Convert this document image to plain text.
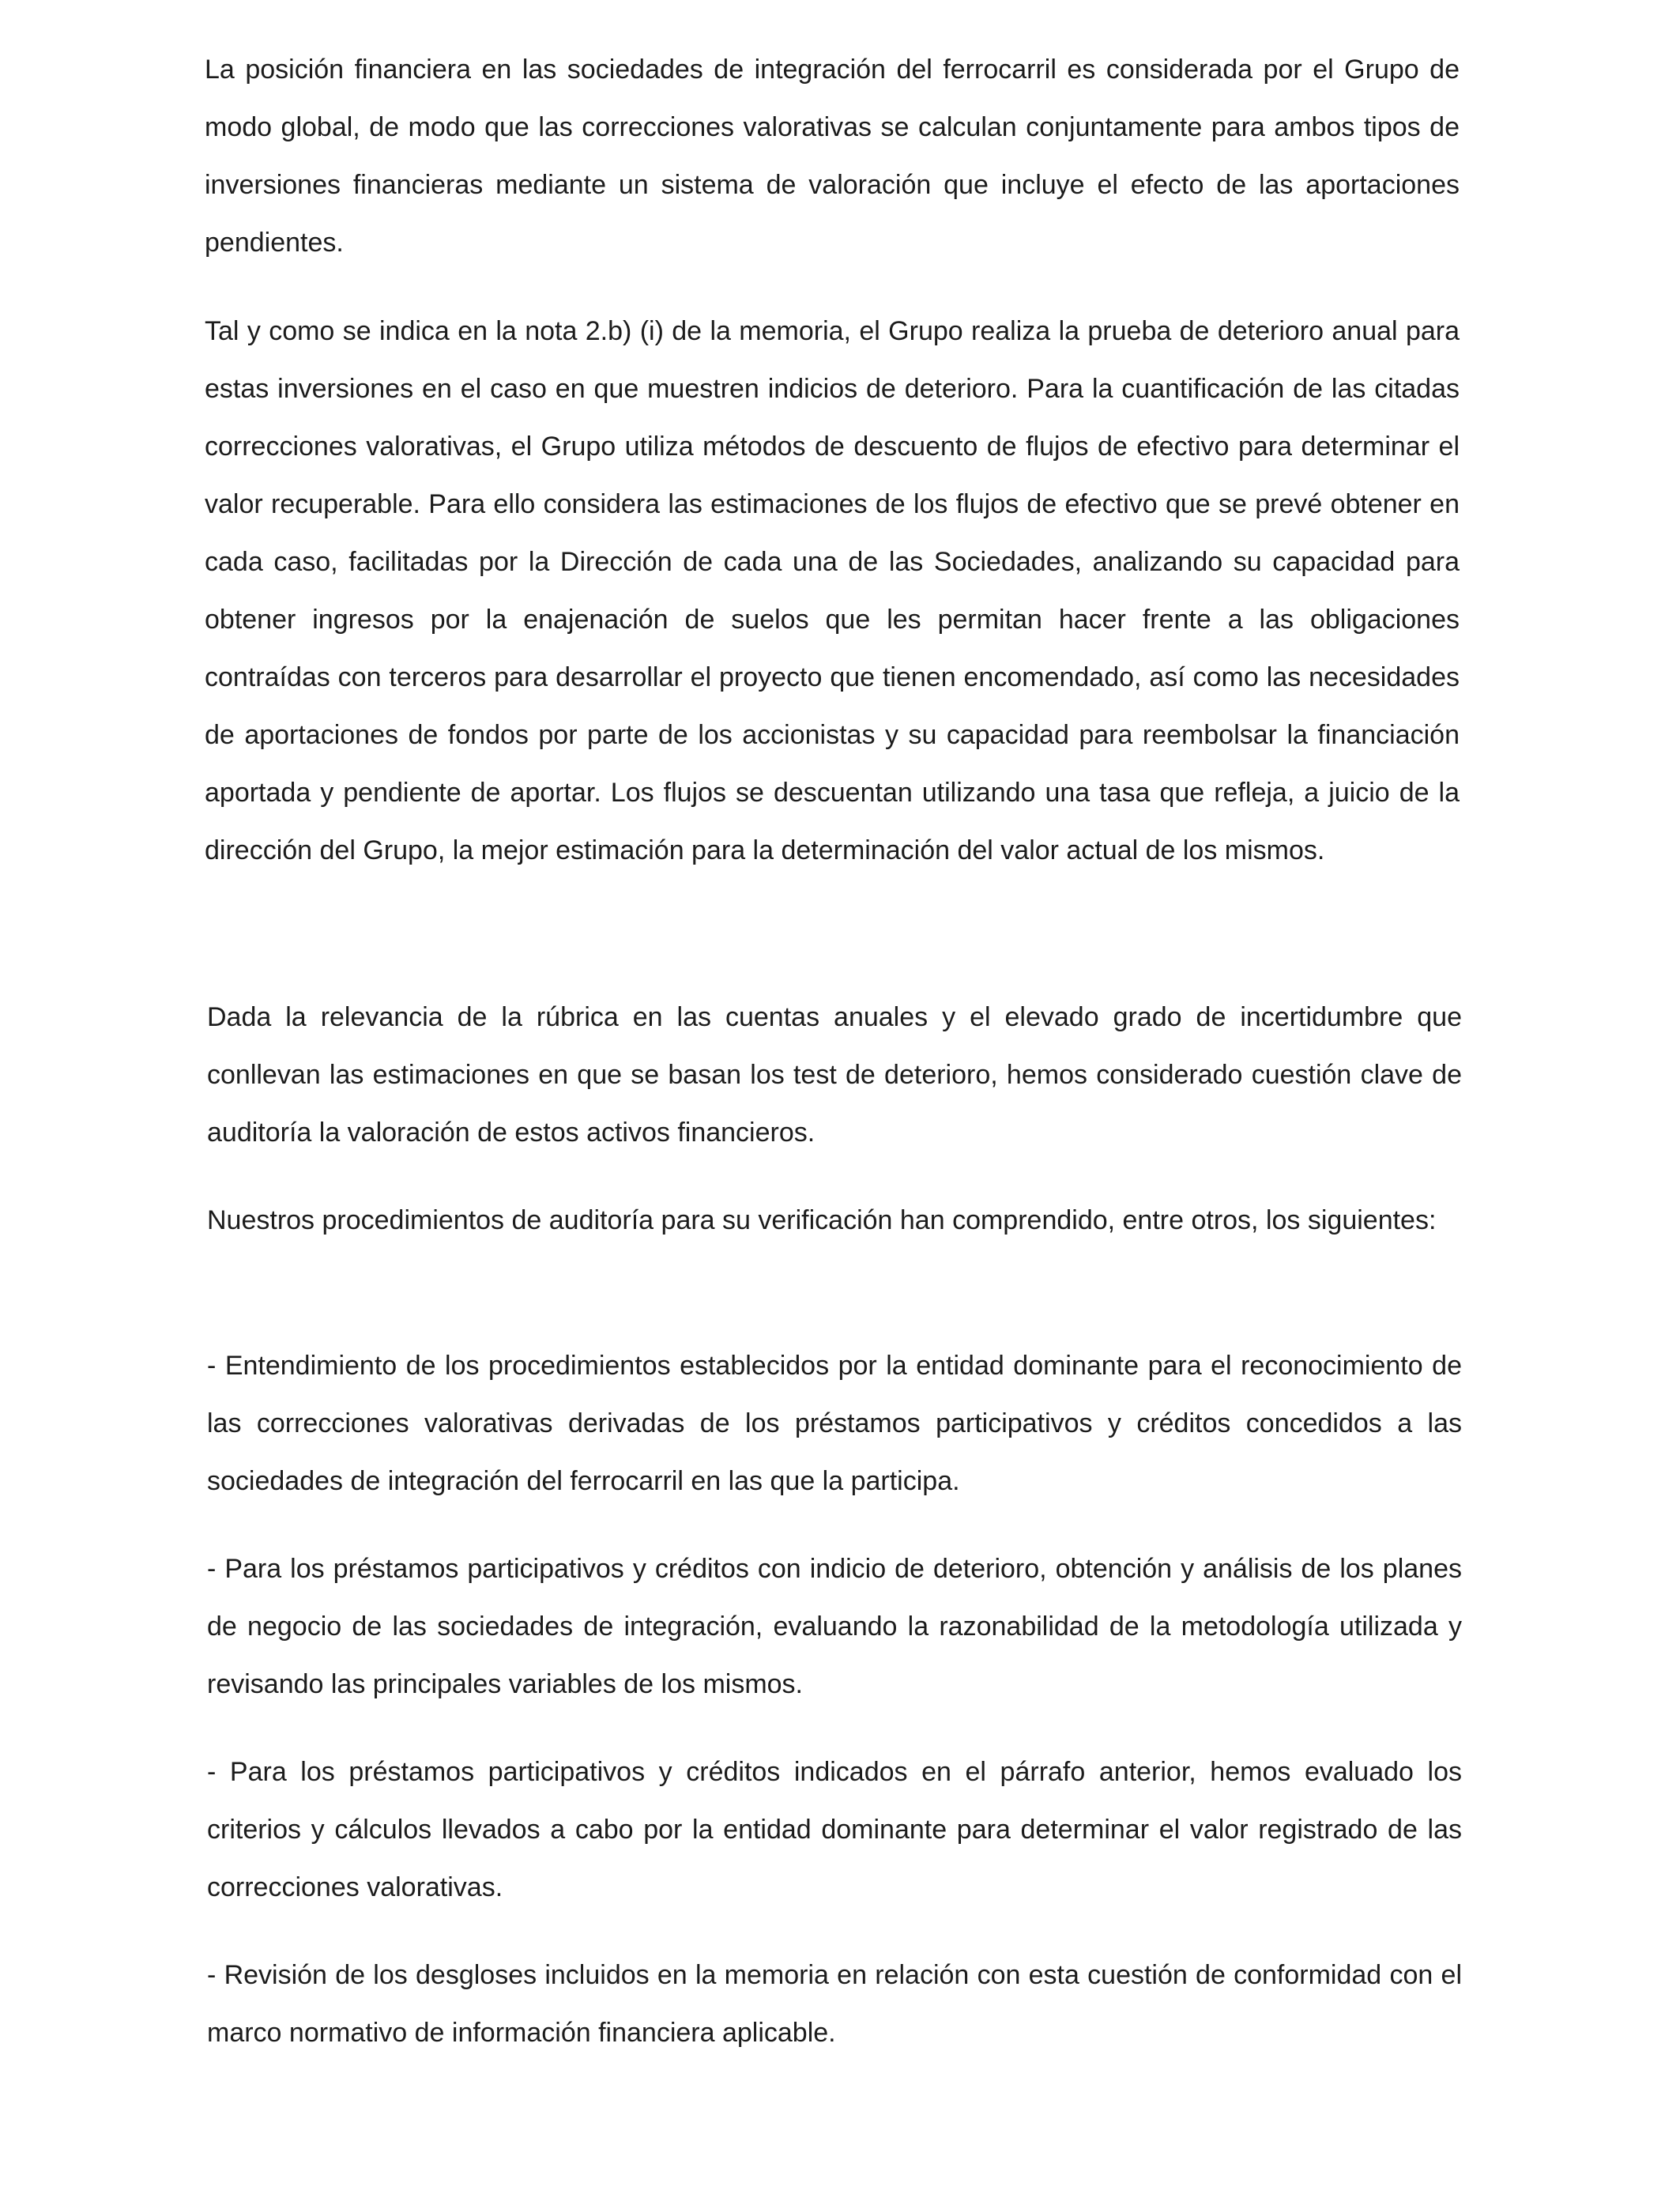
La posición financiera en las sociedades de integración del ferrocarril es considerada por el Grupo de modo global, de modo que las correcciones valorativas se calculan conjuntamente para ambos tipos de inversiones financieras mediante un sistema de valoración que incluye el efecto de las aportaciones pendientes.

Tal y como se indica en la nota 2.b) (i) de la memoria, el Grupo realiza la prueba de deterioro anual para estas inversiones en el caso en que muestren indicios de deterioro. Para la cuantificación de las citadas correcciones valorativas, el Grupo utiliza métodos de descuento de flujos de efectivo para determinar el valor recuperable. Para ello considera las estimaciones de los flujos de efectivo que se prevé obtener en cada caso, facilitadas por la Dirección de cada una de las Sociedades, analizando su capacidad para obtener ingresos por la enajenación de suelos que les permitan hacer frente a las obligaciones contraídas con terceros para desarrollar el proyecto que tienen encomendado, así como las necesidades de aportaciones de fondos por parte de los accionistas y su capacidad para reembolsar la financiación aportada y pendiente de aportar. Los flujos se descuentan utilizando una tasa que refleja, a juicio de la dirección del Grupo, la mejor estimación para la determinación del valor actual de los mismos.

Dada la relevancia de la rúbrica en las cuentas anuales y el elevado grado de incertidumbre que conllevan las estimaciones en que se basan los test de deterioro, hemos considerado cuestión clave de auditoría la valoración de estos activos financieros.

Nuestros procedimientos de auditoría para su verificación han comprendido, entre otros, los siguientes:

- Entendimiento de los procedimientos establecidos por la entidad dominante para el reconocimiento de las correcciones valorativas derivadas de los préstamos participativos y créditos concedidos a las sociedades de integración del ferrocarril en las que la participa.

- Para los préstamos participativos y créditos con indicio de deterioro, obtención y análisis de los planes de negocio de las sociedades de integración, evaluando la razonabilidad de la metodología utilizada y revisando las principales variables de los mismos.

- Para los préstamos participativos y créditos indicados en el párrafo anterior, hemos evaluado los criterios y cálculos llevados a cabo por la entidad dominante para determinar el valor registrado de las correcciones valorativas.

- Revisión de los desgloses incluidos en la memoria en relación con esta cuestión de conformidad con el marco normativo de información financiera aplicable.
